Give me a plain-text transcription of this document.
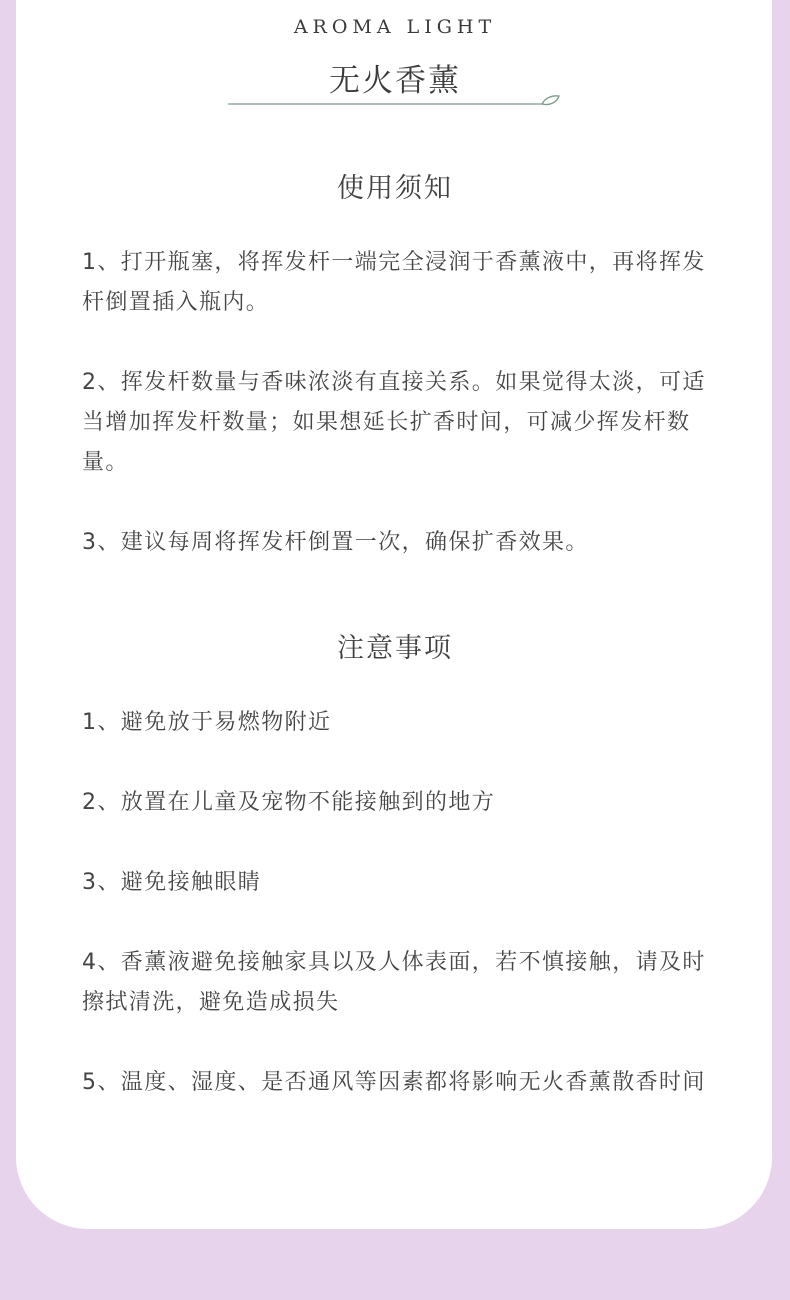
AROMA LIGHT
无火香薰
使用须知

1、打开瓶塞，将挥发杆一端完全浸润于香薰液中，再将挥发杆倒置插入瓶内。

2、挥发杆数量与香味浓淡有直接关系。如果觉得太淡，可适当增加挥发杆数量；如果想延长扩香时间，可减少挥发杆数量。

3、建议每周将挥发杆倒置一次，确保扩香效果。

注意事项

1、避免放于易燃物附近

2、放置在儿童及宠物不能接触到的地方

3、避免接触眼睛

4、香薰液避免接触家具以及人体表面，若不慎接触，请及时擦拭清洗，避免造成损失

5、温度、湿度、是否通风等因素都将影响无火香薰散香时间
